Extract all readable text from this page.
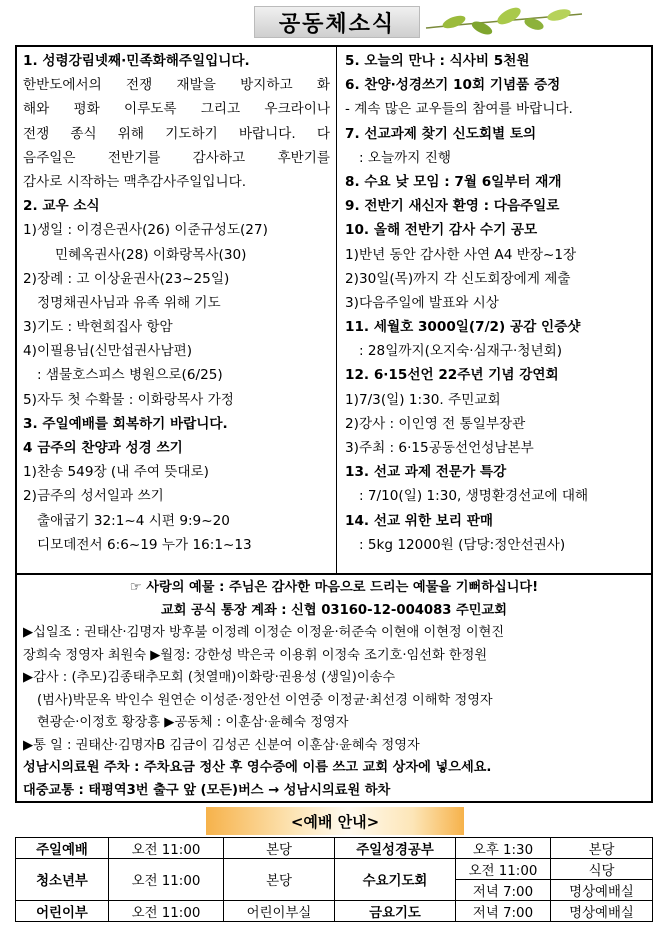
공동체소식
1. 성령강림넷째·민족화해주일입니다.
한반도에서의 전쟁 재발을 방지하고 화
해와 평화 이루도록 그리고 우크라이나
전쟁 종식 위해 기도하기 바랍니다. 다
음주일은 전반기를 감사하고 후반기를
감사로 시작하는 맥추감사주일입니다.
2. 교우 소식
1)생일 : 이경은권사(26) 이준규성도(27)
민혜옥권사(28) 이화랑목사(30)
2)장례 : 고 이상윤권사(23~25일)
정명채권사님과 유족 위해 기도
3)기도 : 박현희집사 항암
4)이필용님(신만섭권사남편)
: 샘물호스피스 병원으로(6/25)
5)자두 첫 수확물 : 이화랑목사 가정
3. 주일예배를 회복하기 바랍니다.
4 금주의 찬양과 성경 쓰기
1)찬송 549장 (내 주여 뜻대로)
2)금주의 성서일과 쓰기
출애굽기 32:1~4 시편 9:9~20
디모데전서 6:6~19 누가 16:1~13
5. 오늘의 만나 : 식사비 5천원
6. 찬양·성경쓰기 10회 기념품 증정
- 계속 많은 교우들의 참여를 바랍니다.
7. 선교과제 찾기 신도회별 토의
: 오늘까지 진행
8. 수요 낮 모임 : 7월 6일부터 재개
9. 전반기 새신자 환영 : 다음주일로
10. 올해 전반기 감사 수기 공모
1)반년 동안 감사한 사연 A4 반장~1장
2)30일(목)까지 각 신도회장에게 제출
3)다음주일에 발표와 시상
11. 세월호 3000일(7/2) 공감 인증샷
: 28일까지(오지숙·심재구·청년회)
12. 6·15선언 22주년 기념 강연회
1)7/3(일) 1:30. 주민교회
2)강사 : 이인영 전 통일부장관
3)주최 : 6·15공동선언성남본부
13. 선교 과제 전문가 특강
: 7/10(일) 1:30, 생명환경선교에 대해
14. 선교 위한 보리 판매
: 5kg 12000원 (담당:정안선권사)
☞ 사랑의 예물 : 주님은 감사한 마음으로 드리는 예물을 기뻐하십니다!
교회 공식 통장 계좌 : 신협 03160-12-004083 주민교회
▶십일조 : 권태산·김명자 방후불 이정례 이정순 이정윤·허준숙 이현애 이현정 이현진
장희숙 정영자 최원숙 ▶월정: 강한성 박은국 이용휘 이정숙 조기호·임선화 한정원
▶감사 : (추모)김종태추모회 (첫열매)이화랑·권용성 (생일)이송수
(범사)박문옥 박인수 원연순 이성준·정안선 이연중 이정균·최선경 이해학 정영자
현광순·이정호 황장흥 ▶공동체 : 이훈삼·윤혜숙 정영자
▶통 일 : 권태산·김명자B 김금이 김성곤 신분여 이훈삼·윤혜숙 정영자
성남시의료원 주차 : 주차요금 정산 후 영수증에 이름 쓰고 교회 상자에 넣으세요.
대중교통 : 태평역3번 출구 앞 (모든)버스 → 성남시의료원 하차
<예배 안내>
주일예배	오전 11:00	본당	주일성경공부	오후 1:30	본당
청소년부	오전 11:00	본당	수요기도회	오전 11:00	식당
				저녁 7:00	명상예배실
어린이부	오전 11:00	어린이부실	금요기도	저녁 7:00	명상예배실
